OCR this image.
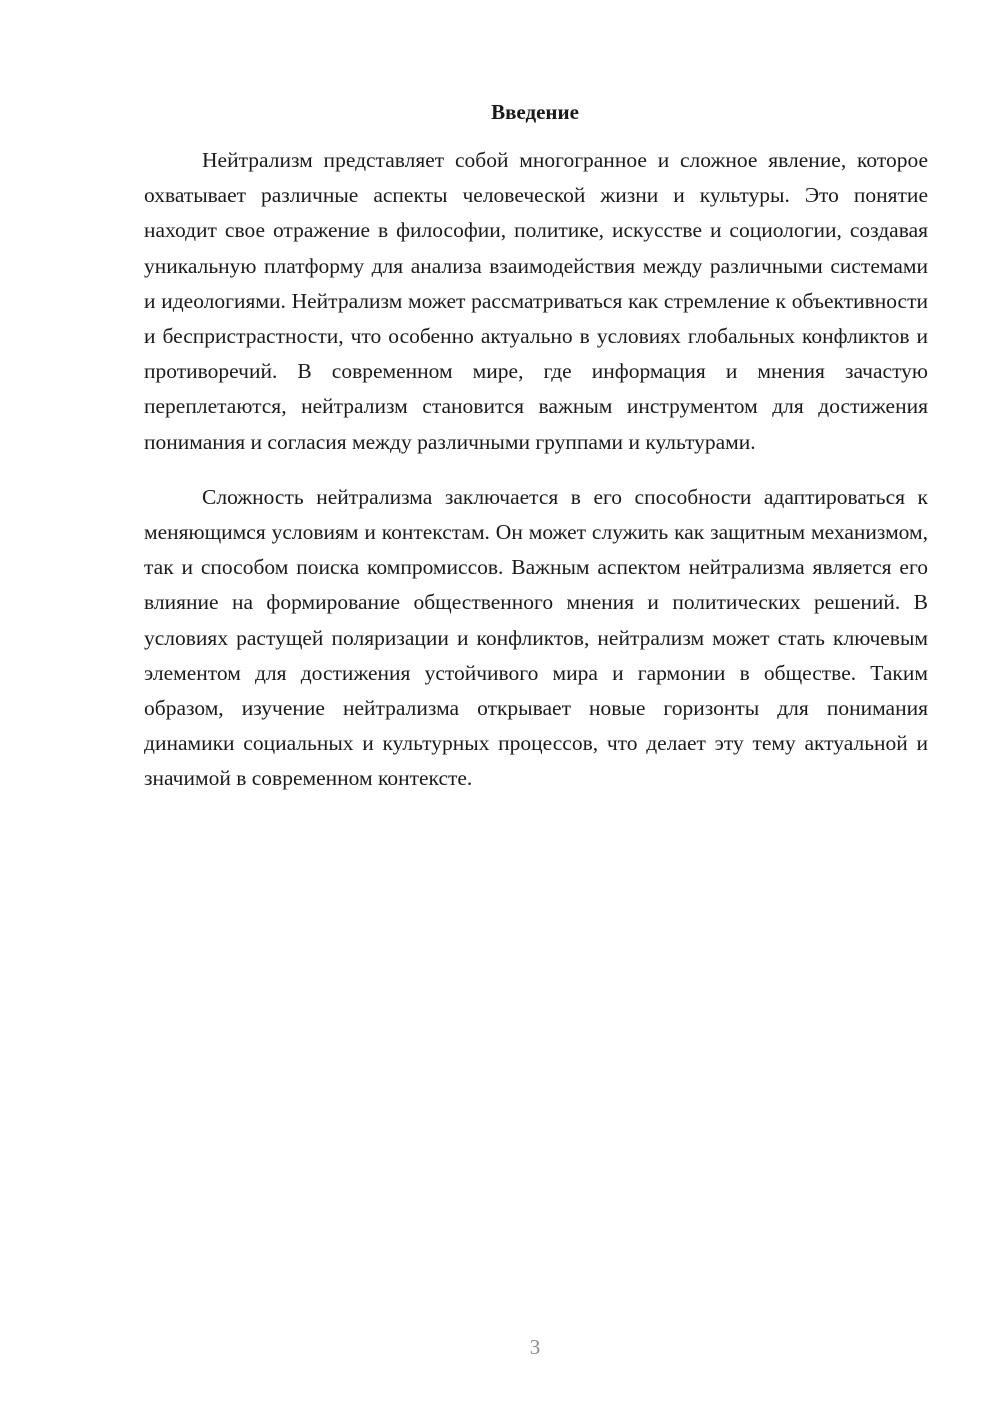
Введение

Нейтрализм представляет собой многогранное и сложное явление, которое охватывает различные аспекты человеческой жизни и культуры. Это понятие находит свое отражение в философии, политике, искусстве и социологии, создавая уникальную платформу для анализа взаимодействия между различными системами и идеологиями. Нейтрализм может рассматриваться как стремление к объективности и беспристрастности, что особенно актуально в условиях глобальных конфликтов и противоречий. В современном мире, где информация и мнения зачастую переплетаются, нейтрализм становится важным инструментом для достижения понимания и согласия между различными группами и культурами.

Сложность нейтрализма заключается в его способности адаптироваться к меняющимся условиям и контекстам. Он может служить как защитным механизмом, так и способом поиска компромиссов. Важным аспектом нейтрализма является его влияние на формирование общественного мнения и политических решений. В условиях растущей поляризации и конфликтов, нейтрализм может стать ключевым элементом для достижения устойчивого мира и гармонии в обществе. Таким образом, изучение нейтрализма открывает новые горизонты для понимания динамики социальных и культурных процессов, что делает эту тему актуальной и значимой в современном контексте.

3
